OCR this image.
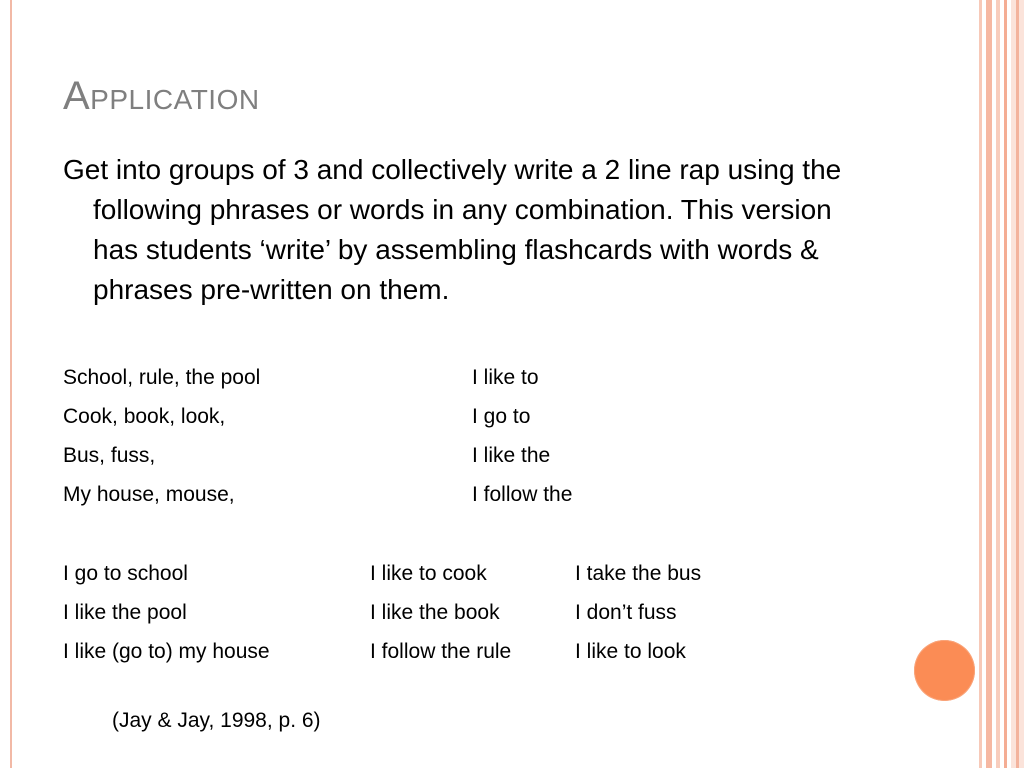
Application
Get into groups of 3 and collectively write a 2 line rap using the following phrases or words in any combination. This version has students ‘write’ by assembling flashcards with words & phrases pre-written on them.
School, rule, the pool	I like to
Cook, book, look,	I go to
Bus, fuss,	I like the
My house, mouse,	I follow the
I go to school	I like to cook	I take the bus
I like the pool	I like the book	I don’t fuss
I like (go to) my house	I follow the rule	I like to look
(Jay & Jay, 1998, p. 6)
